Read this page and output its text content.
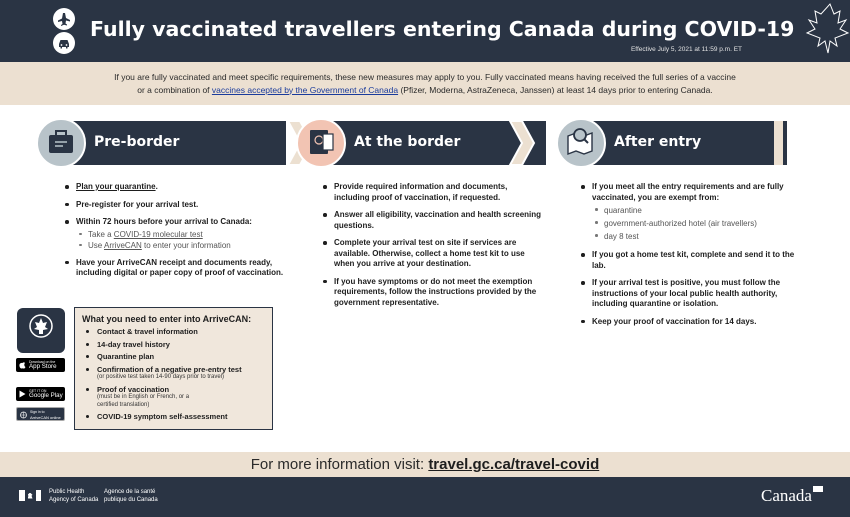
Fully vaccinated travellers entering Canada during COVID-19
Effective July 5, 2021 at 11:59 p.m. ET
If you are fully vaccinated and meet specific requirements, these new measures may apply to you. Fully vaccinated means having received the full series of a vaccine
or a combination of vaccines accepted by the Government of Canada (Pfizer, Moderna, AstraZeneca, Janssen) at least 14 days prior to entering Canada.
Pre-border	At the border	After entry
Plan your quarantine.
Pre-register for your arrival test.
Within 72 hours before your arrival to Canada:
Take a COVID-19 molecular test
Use ArriveCAN to enter your information
Have your ArriveCAN receipt and documents ready, including digital or paper copy of proof of vaccination.
Provide required information and documents, including proof of vaccination, if requested.
Answer all eligibility, vaccination and health screening questions.
Complete your arrival test on site if services are available. Otherwise, collect a home test kit to use when you arrive at your destination.
If you have symptoms or do not meet the exemption requirements, follow the instructions provided by the government representative.
If you meet all the entry requirements and are fully vaccinated, you are exempt from:
quarantine
government-authorized hotel (air travellers)
day 8 test
If you got a home test kit, complete and send it to the lab.
If your arrival test is positive, you must follow the instructions of your local public health authority, including quarantine or isolation.
Keep your proof of vaccination for 14 days.
Download on the
App Store
GET IT ON
Google Play
Sign in to
ArriveCAN online
What you need to enter into ArriveCAN:
Contact & travel information
14-day travel history
Quarantine plan
Confirmation of a negative pre-entry test
(or positive test taken 14-90 days prior to travel)
Proof of vaccination
(must be in English or French, or a
certified translation)
COVID-19 symptom self-assessment
For more information visit: travel.gc.ca/travel-covid
Public Health
Agency of Canada
Agence de la santé
publique du Canada	Canada
